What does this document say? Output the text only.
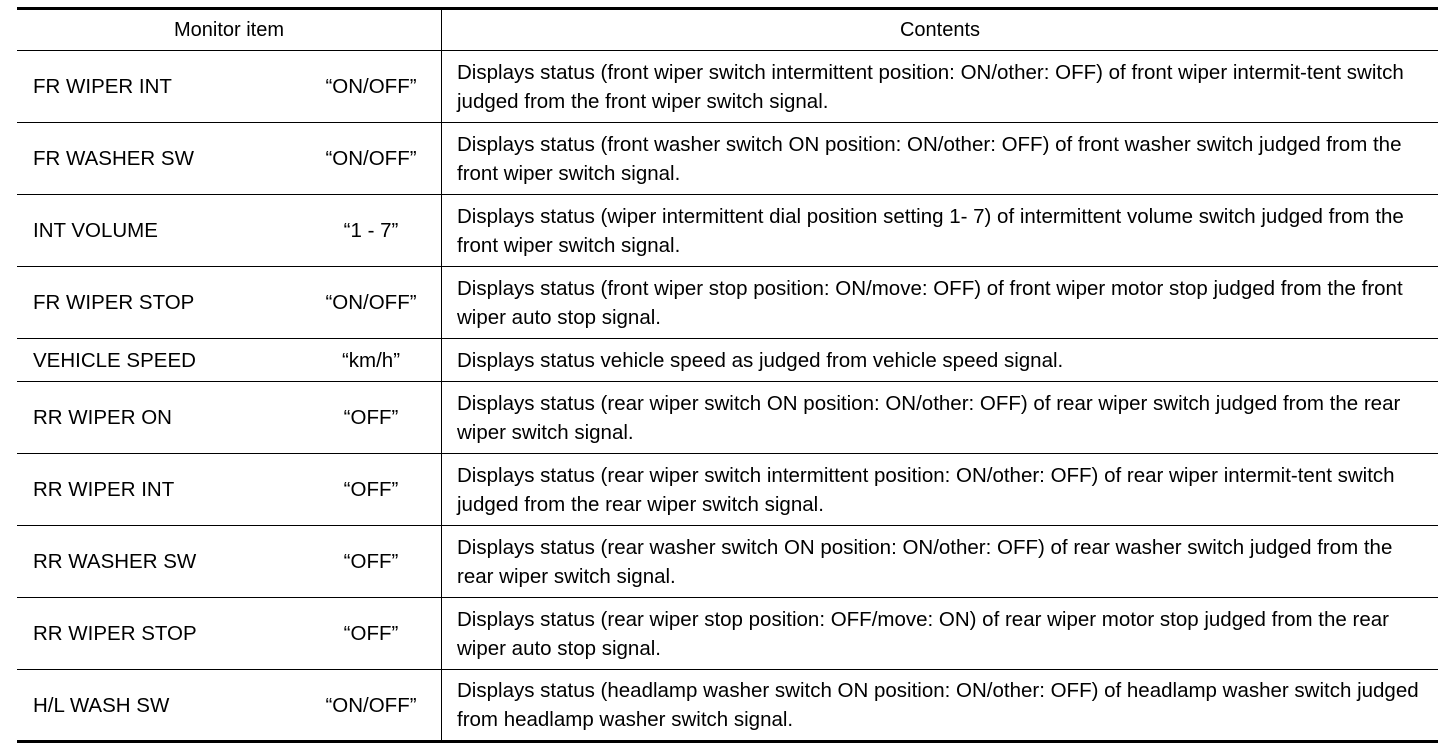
Monitor item	Contents

FR WIPER INT “ON/OFF”	Displays status (front wiper switch intermittent position: ON/other: OFF) of front wiper intermit-tent switch judged from the front wiper switch signal.

FR WASHER SW “ON/OFF”	Displays status (front washer switch ON position: ON/other: OFF) of front washer switch judged from the front wiper switch signal.

INT VOLUME “1 - 7”	Displays status (wiper intermittent dial position setting 1- 7) of intermittent volume switch judged from the front wiper switch signal.

FR WIPER STOP “ON/OFF”	Displays status (front wiper stop position: ON/move: OFF) of front wiper motor stop judged from the front wiper auto stop signal.

VEHICLE SPEED “km/h”	Displays status vehicle speed as judged from vehicle speed signal.

RR WIPER ON “OFF”	Displays status (rear wiper switch ON position: ON/other: OFF) of rear wiper switch judged from the rear wiper switch signal.

RR WIPER INT “OFF”	Displays status (rear wiper switch intermittent position: ON/other: OFF) of rear wiper intermit-tent switch judged from the rear wiper switch signal.

RR WASHER SW “OFF”	Displays status (rear washer switch ON position: ON/other: OFF) of rear washer switch judged from the rear wiper switch signal.

RR WIPER STOP “OFF”	Displays status (rear wiper stop position: OFF/move: ON) of rear wiper motor stop judged from the rear wiper auto stop signal.

H/L WASH SW “ON/OFF”	Displays status (headlamp washer switch ON position: ON/other: OFF) of headlamp washer switch judged from headlamp washer switch signal.
